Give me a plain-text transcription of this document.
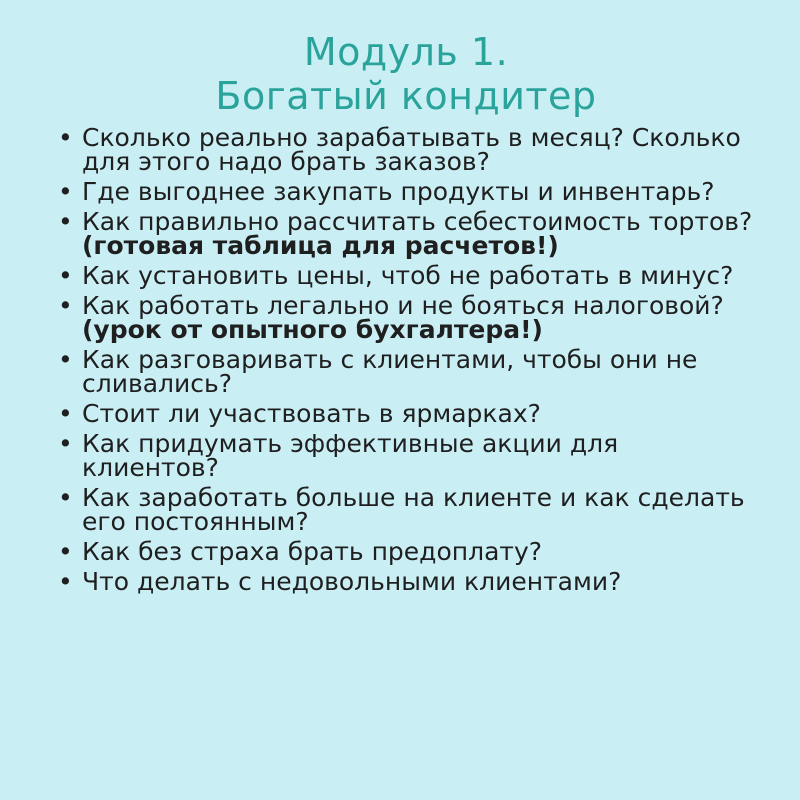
Модуль 1.
Богатый кондитер
• Сколько реально зарабатывать в месяц? Сколько для этого надо брать заказов?
• Где выгоднее закупать продукты и инвентарь?
• Как правильно рассчитать себестоимость тортов? (готовая таблица для расчетов!)
• Как установить цены, чтоб не работать в минус?
• Как работать легально и не бояться налоговой? (урок от опытного бухгалтера!)
• Как разговаривать с клиентами, чтобы они не сливались?
• Стоит ли участвовать в ярмарках?
• Как придумать эффективные акции для клиентов?
• Как заработать больше на клиенте и как сделать его постоянным?
• Как без страха брать предоплату?
• Что делать с недовольными клиентами?
